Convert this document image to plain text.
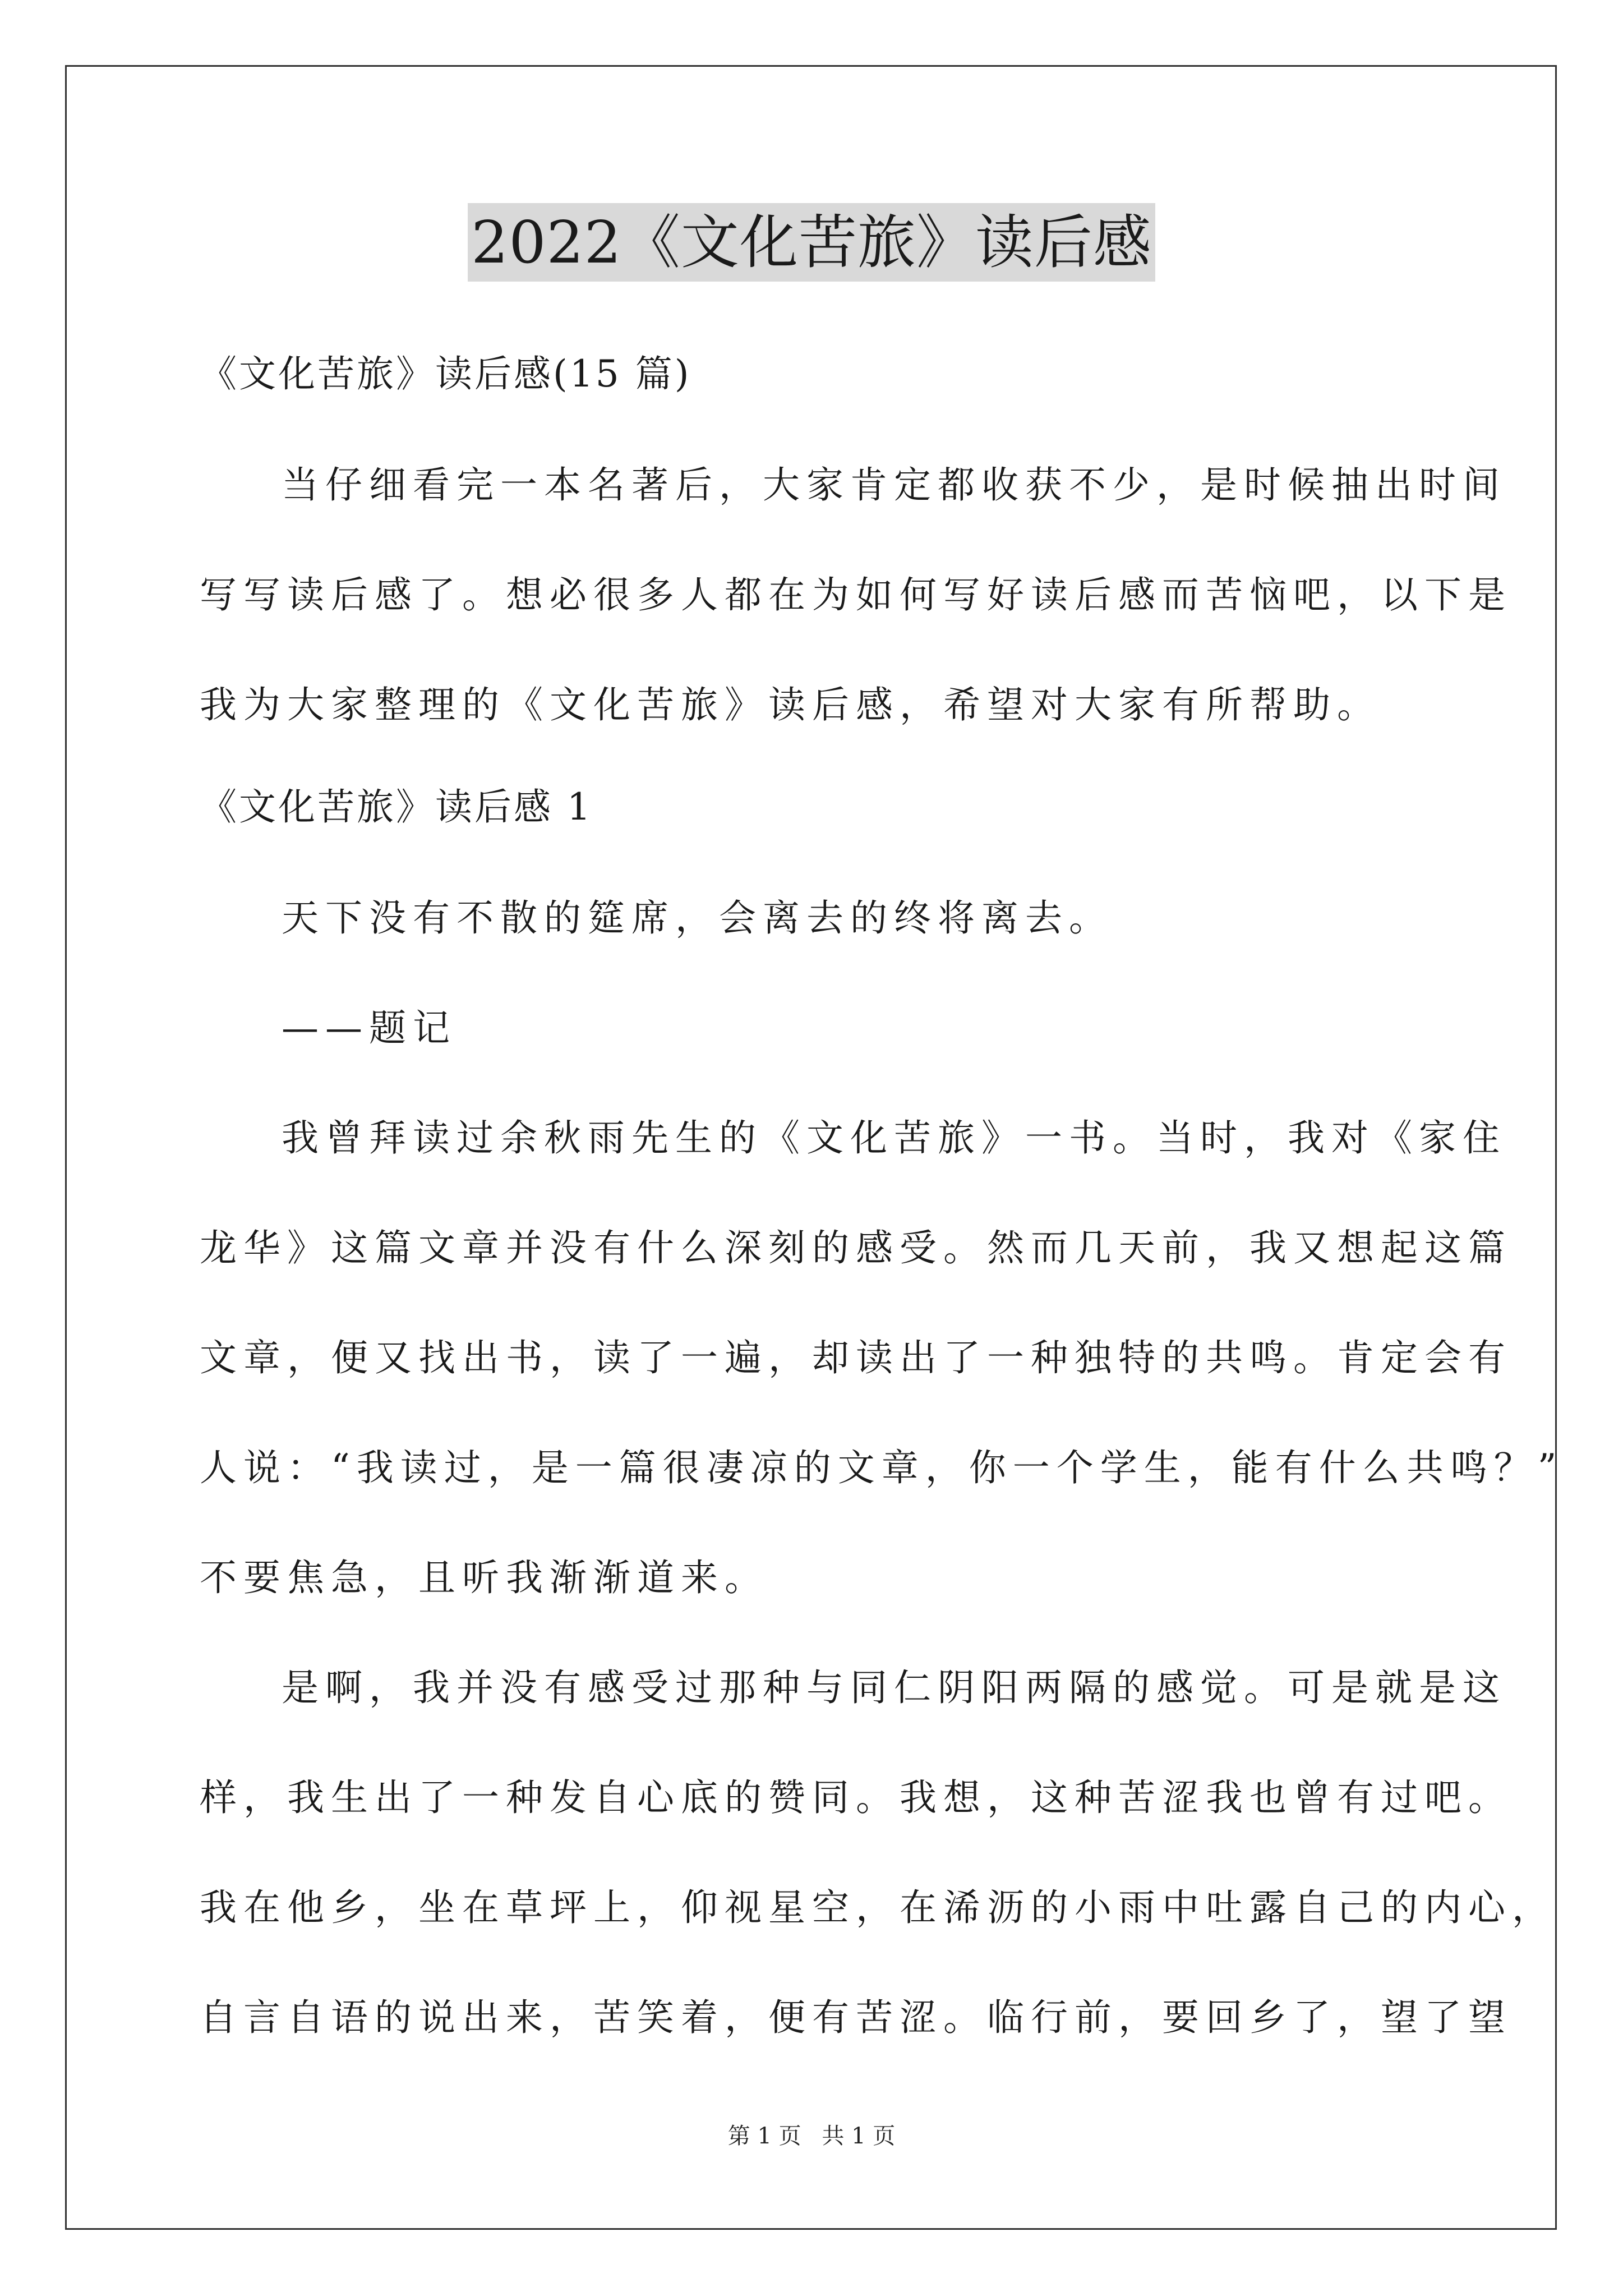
2022《文化苦旅》读后感
《文化苦旅》读后感(15 篇)
当仔细看完一本名著后，大家肯定都收获不少，是时候抽出时间
写写读后感了。想必很多人都在为如何写好读后感而苦恼吧，以下是
我为大家整理的《文化苦旅》读后感，希望对大家有所帮助。
《文化苦旅》读后感 1
天下没有不散的筵席，会离去的终将离去。
——题记
我曾拜读过余秋雨先生的《文化苦旅》一书。当时，我对《家住
龙华》这篇文章并没有什么深刻的感受。然而几天前，我又想起这篇
文章，便又找出书，读了一遍，却读出了一种独特的共鸣。肯定会有
人说：“我读过，是一篇很凄凉的文章，你一个学生，能有什么共鸣？”
不要焦急，且听我渐渐道来。
是啊，我并没有感受过那种与同仁阴阳两隔的感觉。可是就是这
样，我生出了一种发自心底的赞同。我想，这种苦涩我也曾有过吧。
我在他乡，坐在草坪上，仰视星空，在浠沥的小雨中吐露自己的内心，
自言自语的说出来，苦笑着，便有苦涩。临行前，要回乡了，望了望
第 1 页 共 1 页
